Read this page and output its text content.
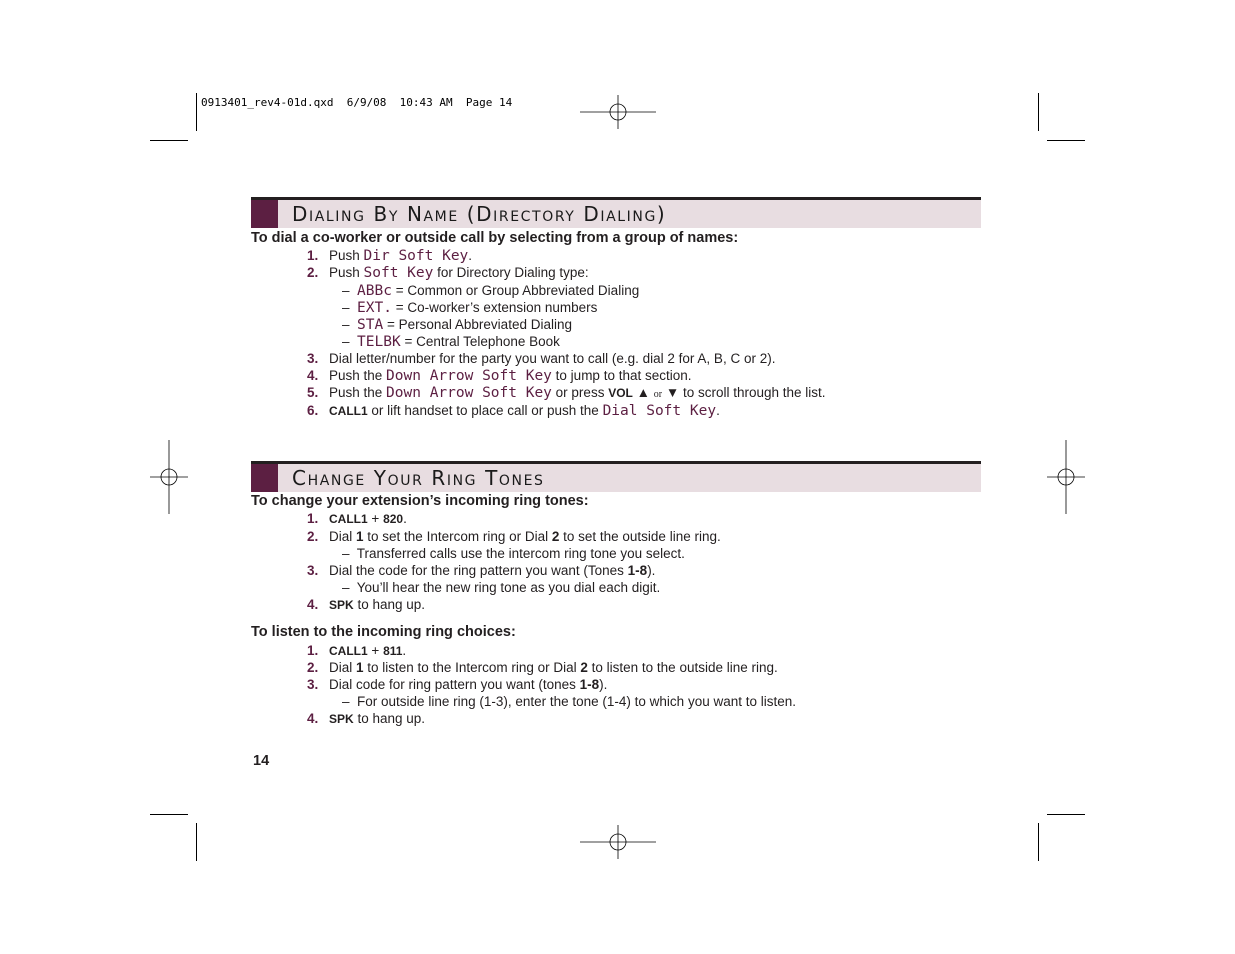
0913401_rev4-01d.qxd  6/9/08  10:43 AM  Page 14
Dialing By Name (Directory Dialing)
To dial a co-worker or outside call by selecting from a group of names:
1. Push Dir Soft Key.
2. Push Soft Key for Directory Dialing type:
– ABBc = Common or Group Abbreviated Dialing
– EXT. = Co-worker’s extension numbers
– STA = Personal Abbreviated Dialing
– TELBK = Central Telephone Book
3. Dial letter/number for the party you want to call (e.g. dial 2 for A, B, C or 2).
4. Push the Down Arrow Soft Key to jump to that section.
5. Push the Down Arrow Soft Key or press VOL ▲ or ▼ to scroll through the list.
6. CALL1 or lift handset to place call or push the Dial Soft Key.
Change Your Ring Tones
To change your extension’s incoming ring tones:
1. CALL1 + 820.
2. Dial 1 to set the Intercom ring or Dial 2 to set the outside line ring.
– Transferred calls use the intercom ring tone you select.
3. Dial the code for the ring pattern you want (Tones 1-8).
– You’ll hear the new ring tone as you dial each digit.
4. SPK to hang up.
To listen to the incoming ring choices:
1. CALL1 + 811.
2. Dial 1 to listen to the Intercom ring or Dial 2 to listen to the outside line ring.
3. Dial code for ring pattern you want (tones 1-8).
– For outside line ring (1-3), enter the tone (1-4) to which you want to listen.
4. SPK to hang up.
14
